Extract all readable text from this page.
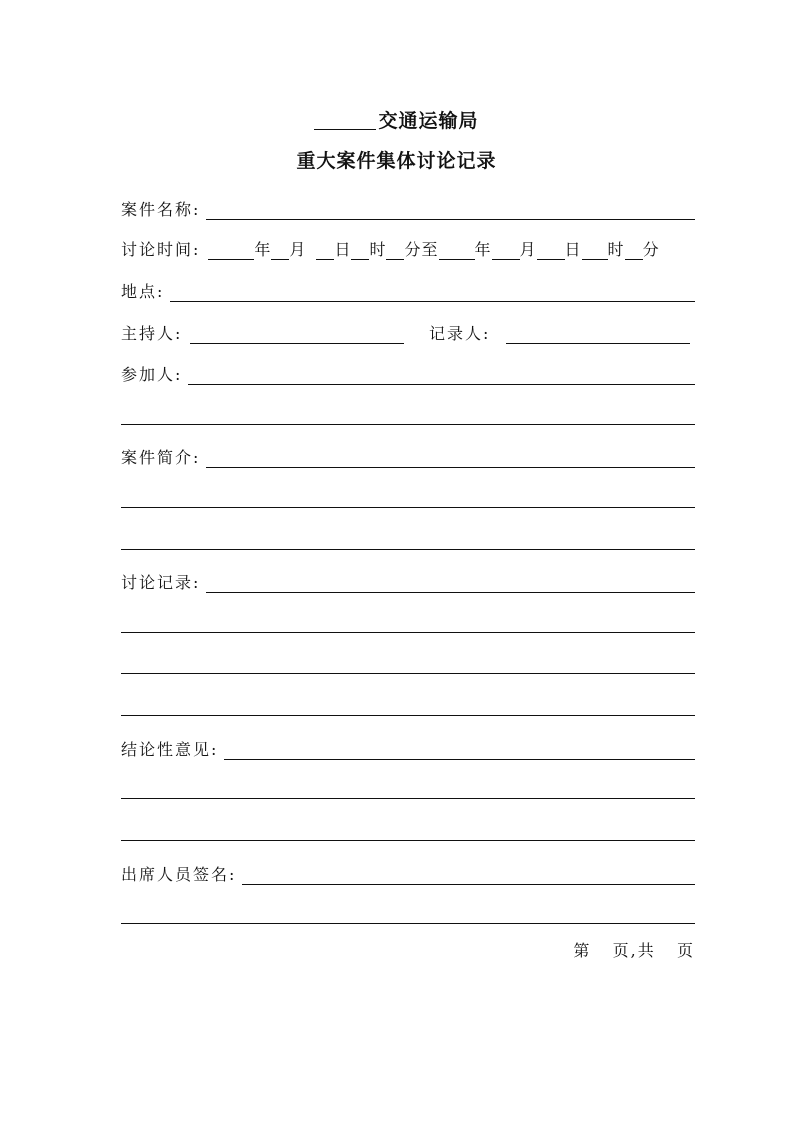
交通运输局
重大案件集体讨论记录
案件名称:
讨论时间:	年 月 日 时 分 至 年 月 日 时 分
地点:
主持人:	记录人:
参加人:
案件简介:
讨论记录:
结论性意见:
出席人员签名:
第 页,共 页
